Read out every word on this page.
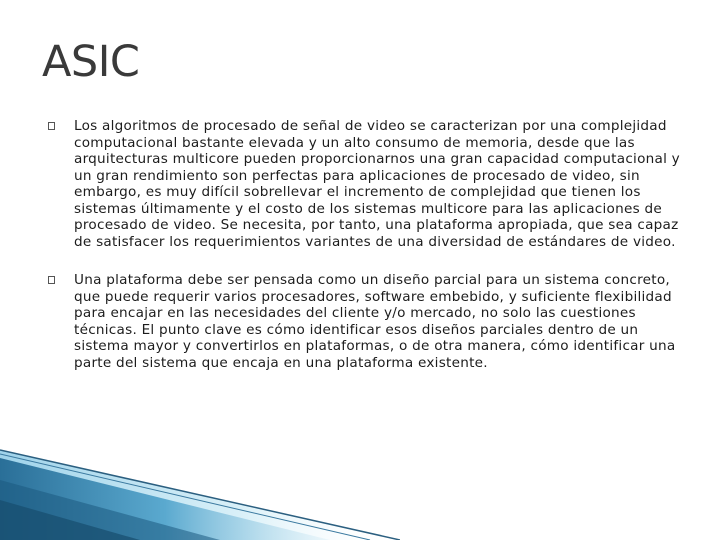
ASIC
Los algoritmos de procesado de señal de video se caracterizan por una complejidad computacional bastante elevada y un alto consumo de memoria, desde que las arquitecturas multicore pueden proporcionarnos una gran capacidad computacional y un gran rendimiento son perfectas para aplicaciones de procesado de video, sin embargo, es muy difícil sobrellevar el incremento de complejidad que tienen los sistemas últimamente y el costo de los sistemas multicore para las aplicaciones de procesado de video. Se necesita, por tanto, una plataforma apropiada, que sea capaz de satisfacer los requerimientos variantes de una diversidad de estándares de video.
Una plataforma debe ser pensada como un diseño parcial para un sistema concreto, que puede requerir varios procesadores, software embebido, y suficiente flexibilidad para encajar en las necesidades del cliente y/o mercado, no solo las cuestiones técnicas. El punto clave es cómo identificar esos diseños parciales dentro de un sistema mayor y convertirlos en plataformas, o de otra manera, cómo identificar una parte del sistema que encaja en una plataforma existente.
